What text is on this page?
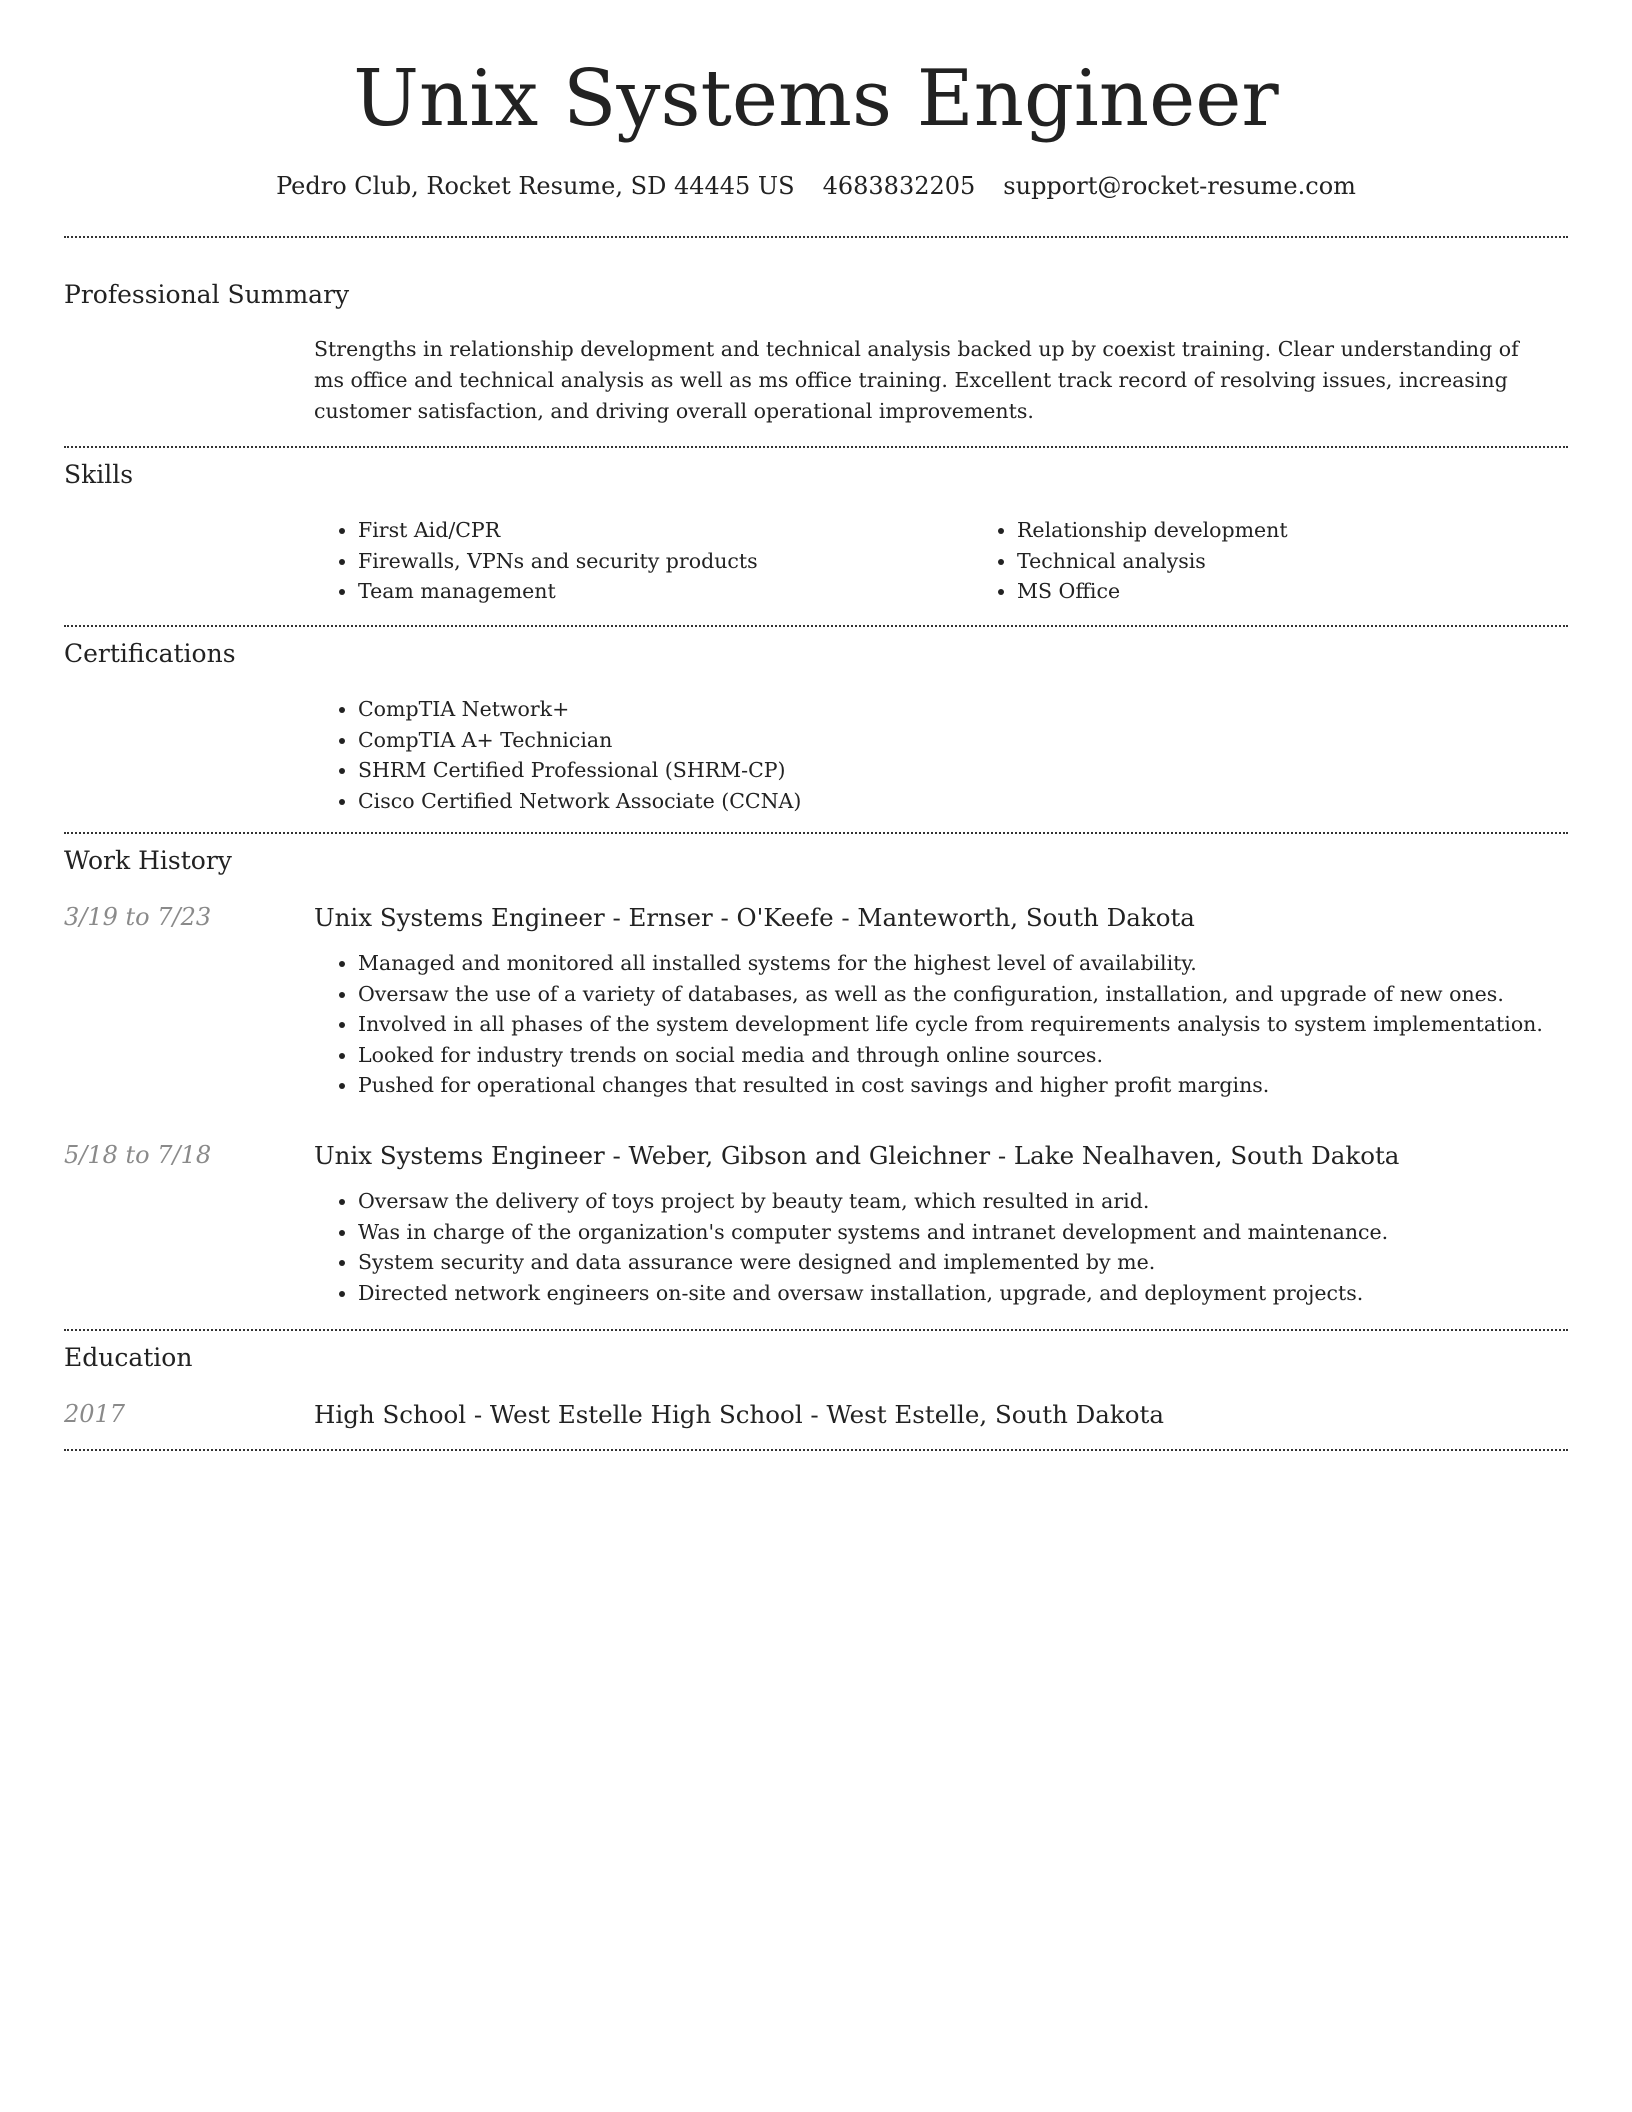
Unix Systems Engineer
Pedro Club, Rocket Resume, SD 44445 US 4683832205 support@rocket-resume.com
Professional Summary

Strengths in relationship development and technical analysis backed up by coexist training. Clear understanding of ms office and technical analysis as well as ms office training. Excellent track record of resolving issues, increasing customer satisfaction, and driving overall operational improvements.

Skills
• First Aid/CPR
• Firewalls, VPNs and security products
• Team management
• Relationship development
• Technical analysis
• MS Office
Certifications
• CompTIA Network+
• CompTIA A+ Technician
• SHRM Certified Professional (SHRM-CP)
• Cisco Certified Network Associate (CCNA)
Work History
3/19 to 7/23	Unix Systems Engineer - Ernser - O'Keefe - Manteworth, South Dakota
• Managed and monitored all installed systems for the highest level of availability.
• Oversaw the use of a variety of databases, as well as the configuration, installation, and upgrade of new ones.
• Involved in all phases of the system development life cycle from requirements analysis to system implementation.
• Looked for industry trends on social media and through online sources.
• Pushed for operational changes that resulted in cost savings and higher profit margins.
5/18 to 7/18	Unix Systems Engineer - Weber, Gibson and Gleichner - Lake Nealhaven, South Dakota
• Oversaw the delivery of toys project by beauty team, which resulted in arid.
• Was in charge of the organization's computer systems and intranet development and maintenance.
• System security and data assurance were designed and implemented by me.
• Directed network engineers on-site and oversaw installation, upgrade, and deployment projects.
Education
2017	High School - West Estelle High School - West Estelle, South Dakota
